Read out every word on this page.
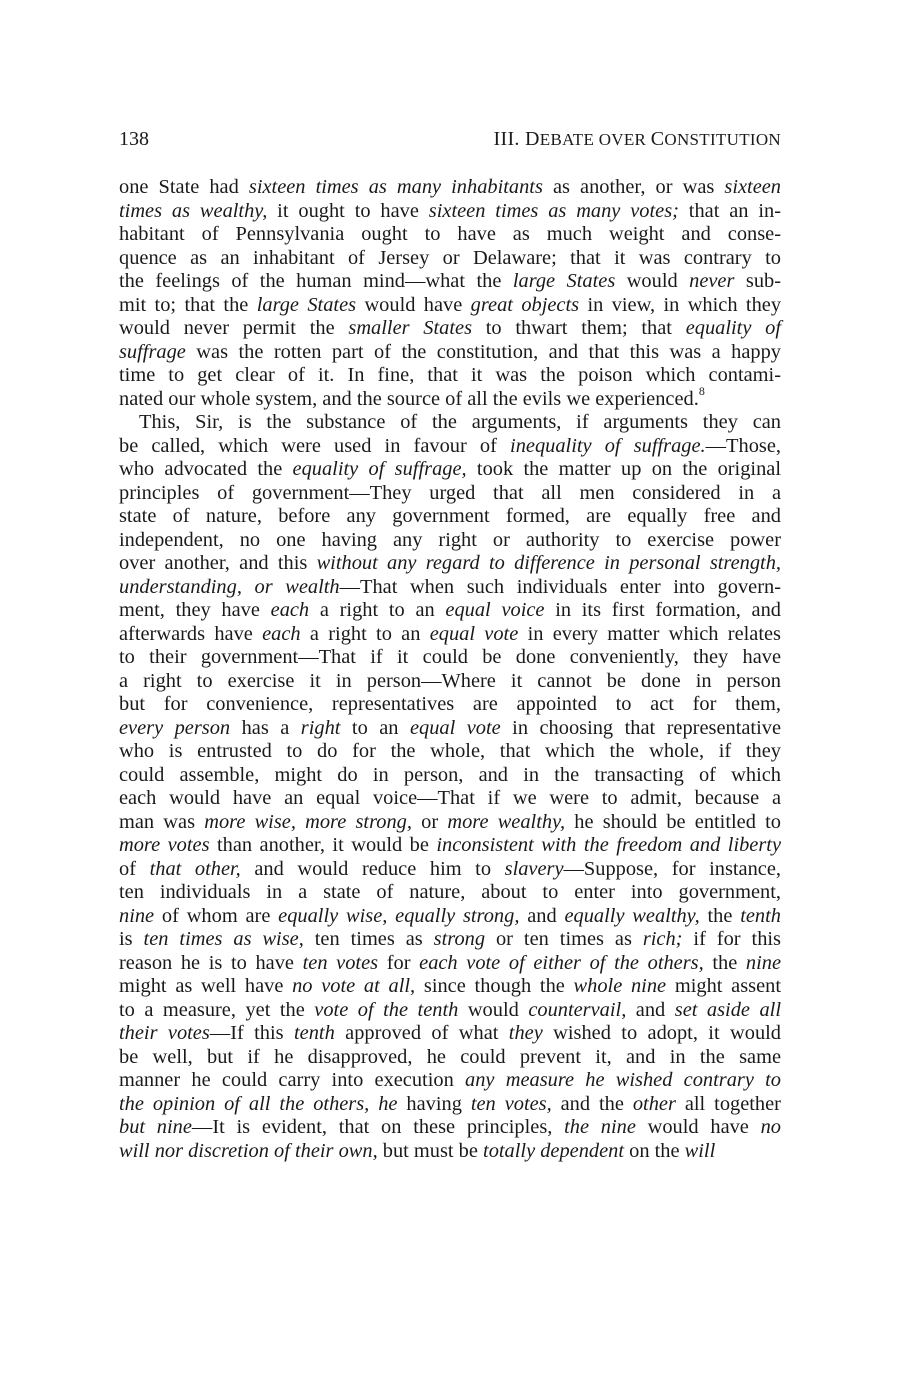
138	III. DEBATE OVER CONSTITUTION
one State had sixteen times as many inhabitants as another, or was sixteen
times as wealthy, it ought to have sixteen times as many votes; that an in-
habitant of Pennsylvania ought to have as much weight and conse-
quence as an inhabitant of Jersey or Delaware; that it was contrary to
the feelings of the human mind—what the large States would never sub-
mit to; that the large States would have great objects in view, in which they
would never permit the smaller States to thwart them; that equality of
suffrage was the rotten part of the constitution, and that this was a happy
time to get clear of it. In fine, that it was the poison which contami-
nated our whole system, and the source of all the evils we experienced.$^8$
This, Sir, is the substance of the arguments, if arguments they can
be called, which were used in favour of inequality of suffrage.—Those,
who advocated the equality of suffrage, took the matter up on the original
principles of government—They urged that all men considered in a
state of nature, before any government formed, are equally free and
independent, no one having any right or authority to exercise power
over another, and this without any regard to difference in personal strength,
understanding, or wealth—That when such individuals enter into govern-
ment, they have each a right to an equal voice in its first formation, and
afterwards have each a right to an equal vote in every matter which relates
to their government—That if it could be done conveniently, they have
a right to exercise it in person—Where it cannot be done in person
but for convenience, representatives are appointed to act for them,
every person has a right to an equal vote in choosing that representative
who is entrusted to do for the whole, that which the whole, if they
could assemble, might do in person, and in the transacting of which
each would have an equal voice—That if we were to admit, because a
man was more wise, more strong, or more wealthy, he should be entitled to
more votes than another, it would be inconsistent with the freedom and liberty
of that other, and would reduce him to slavery—Suppose, for instance,
ten individuals in a state of nature, about to enter into government,
nine of whom are equally wise, equally strong, and equally wealthy, the tenth
is ten times as wise, ten times as strong or ten times as rich; if for this
reason he is to have ten votes for each vote of either of the others, the nine
might as well have no vote at all, since though the whole nine might assent
to a measure, yet the vote of the tenth would countervail, and set aside all
their votes—If this tenth approved of what they wished to adopt, it would
be well, but if he disapproved, he could prevent it, and in the same
manner he could carry into execution any measure he wished contrary to
the opinion of all the others, he having ten votes, and the other all together
but nine—It is evident, that on these principles, the nine would have no
will nor discretion of their own, but must be totally dependent on the will
